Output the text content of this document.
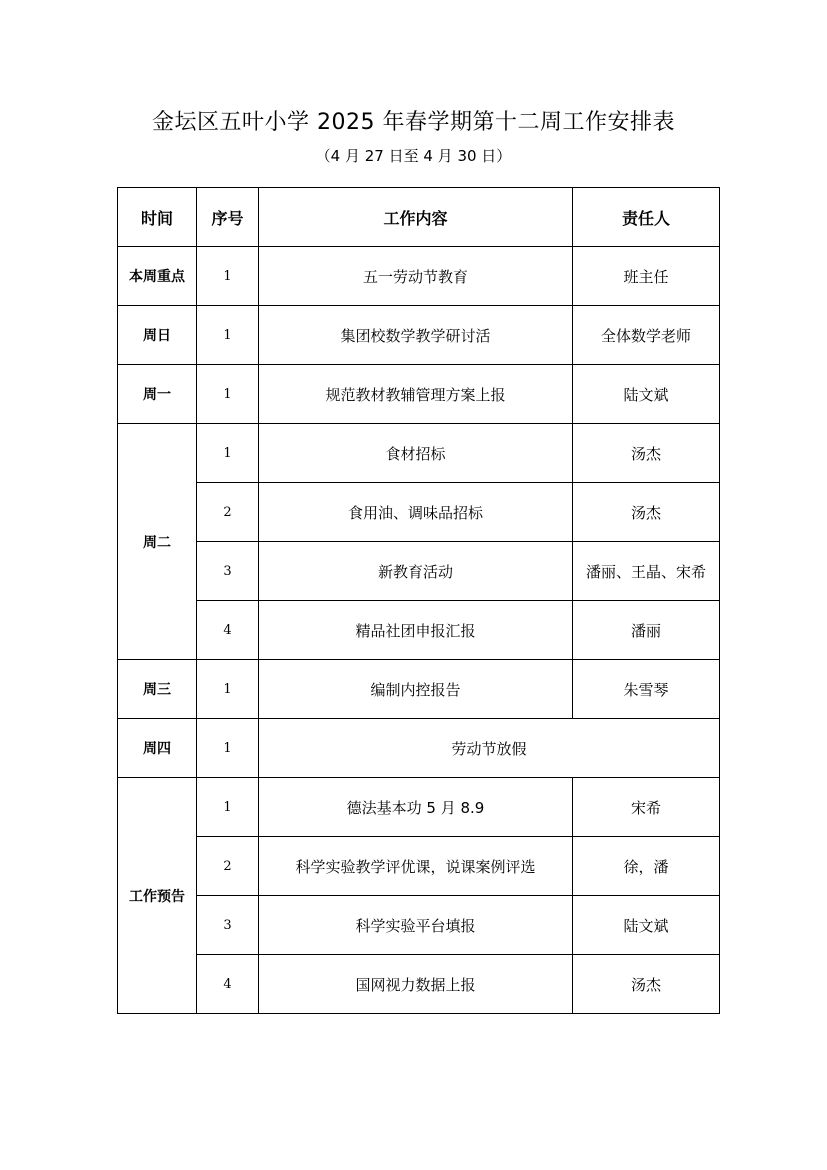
金坛区五叶小学 2025 年春学期第十二周工作安排表
（4 月 27 日至 4 月 30 日）
时间	序号	工作内容	责任人
本周重点	1	五一劳动节教育	班主任
周日	1	集团校数学教学研讨活	全体数学老师
周一	1	规范教材教辅管理方案上报	陆文斌
周二	1	食材招标	汤杰
	2	食用油、调味品招标	汤杰
	3	新教育活动	潘丽、王晶、宋希
	4	精品社团申报汇报	潘丽
周三	1	编制内控报告	朱雪琴
周四	1	劳动节放假	
工作预告	1	德法基本功 5 月 8.9	宋希
	2	科学实验教学评优课，说课案例评选	徐，潘
	3	科学实验平台填报	陆文斌
	4	国网视力数据上报	汤杰
